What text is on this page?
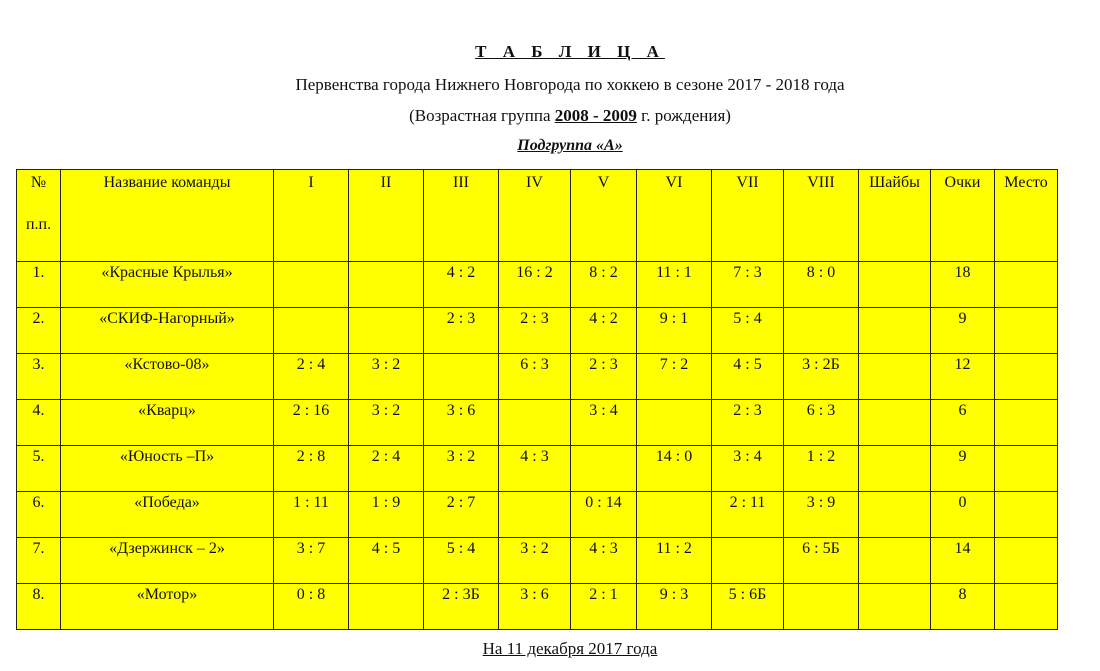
Т А Б Л И Ц А
Первенства города Нижнего Новгорода по хоккею в сезоне 2017 - 2018 года
(Возрастная группа 2008 - 2009 г. рождения)
Подгруппа «А»
№
п.п.	Название команды	I	II	III	IV	V	VI	VII	VIII	Шайбы	Очки	Место
1.	«Красные Крылья»			4 : 2	16 : 2	8 : 2	11 : 1	7 : 3	8 : 0		18	
2.	«СКИФ-Нагорный»			2 : 3	2 : 3	4 : 2	9 : 1	5 : 4			9	
3.	«Кстово-08»	2 : 4	3 : 2		6 : 3	2 : 3	7 : 2	4 : 5	3 : 2Б		12	
4.	«Кварц»	2 : 16	3 : 2	3 : 6		3 : 4		2 : 3	6 : 3		6	
5.	«Юность –П»	2 : 8	2 : 4	3 : 2	4 : 3		14 : 0	3 : 4	1 : 2		9	
6.	«Победа»	1 : 11	1 : 9	2 : 7		0 : 14		2 : 11	3 : 9		0	
7.	«Дзержинск – 2»	3 : 7	4 : 5	5 : 4	3 : 2	4 : 3	11 : 2		6 : 5Б		14	
8.	«Мотор»	0 : 8		2 : 3Б	3 : 6	2 : 1	9 : 3	5 : 6Б			8	
На 11 декабря 2017 года
